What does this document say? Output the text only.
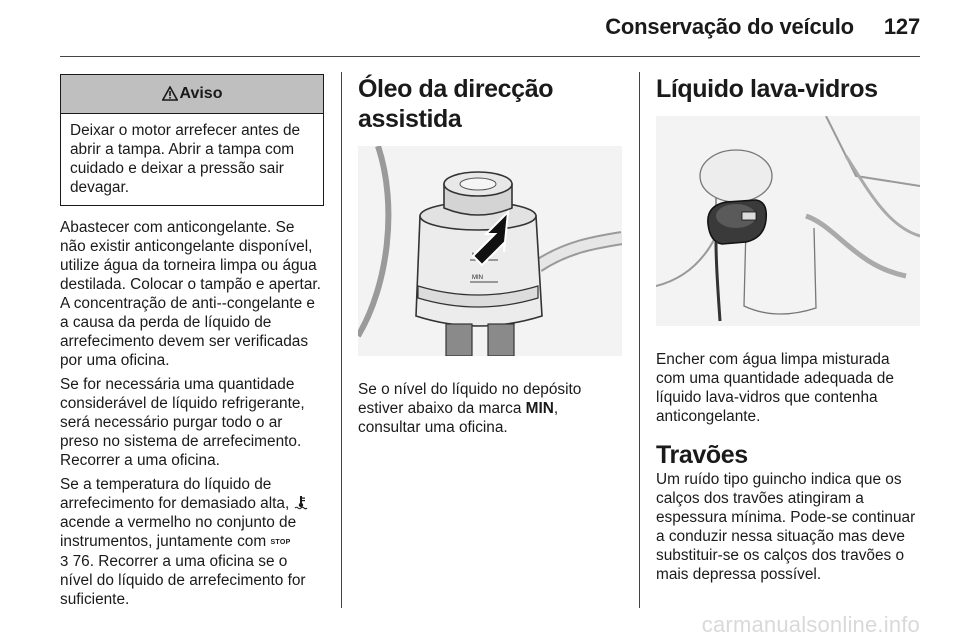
Conservação do veículo 127
Aviso
Deixar o motor arrefecer antes de abrir a tampa. Abrir a tampa com cuidado e deixar a pressão sair devagar.

Abastecer com anticongelante. Se não existir anticongelante disponível, utilize água da torneira limpa ou água destilada. Colocar o tampão e apertar. A concentração de anti--congelante e a causa da perda de líquido de arrefecimento devem ser verificadas por uma oficina.

Se for necessária uma quantidade considerável de líquido refrigerante, será necessário purgar todo o ar preso no sistema de arrefecimento. Recorrer a uma oficina.

Se a temperatura do líquido de arrefecimento for demasiado alta,  acende a vermelho no conjunto de instrumentos, juntamente com STOP
3 76. Recorrer a uma oficina se o nível do líquido de arrefecimento for suficiente.

Óleo da direcção assistida
MIN

Se o nível do líquido no depósito estiver abaixo da marca MIN, consultar uma oficina.

Líquido lava-vidros

Encher com água limpa misturada com uma quantidade adequada de líquido lava-vidros que contenha anticongelante.

Travões

Um ruído tipo guincho indica que os calços dos travões atingiram a espessura mínima. Pode-se continuar a conduzir nessa situação mas deve substituir-se os calços dos travões o mais depressa possível.

carmanualsonline.info
